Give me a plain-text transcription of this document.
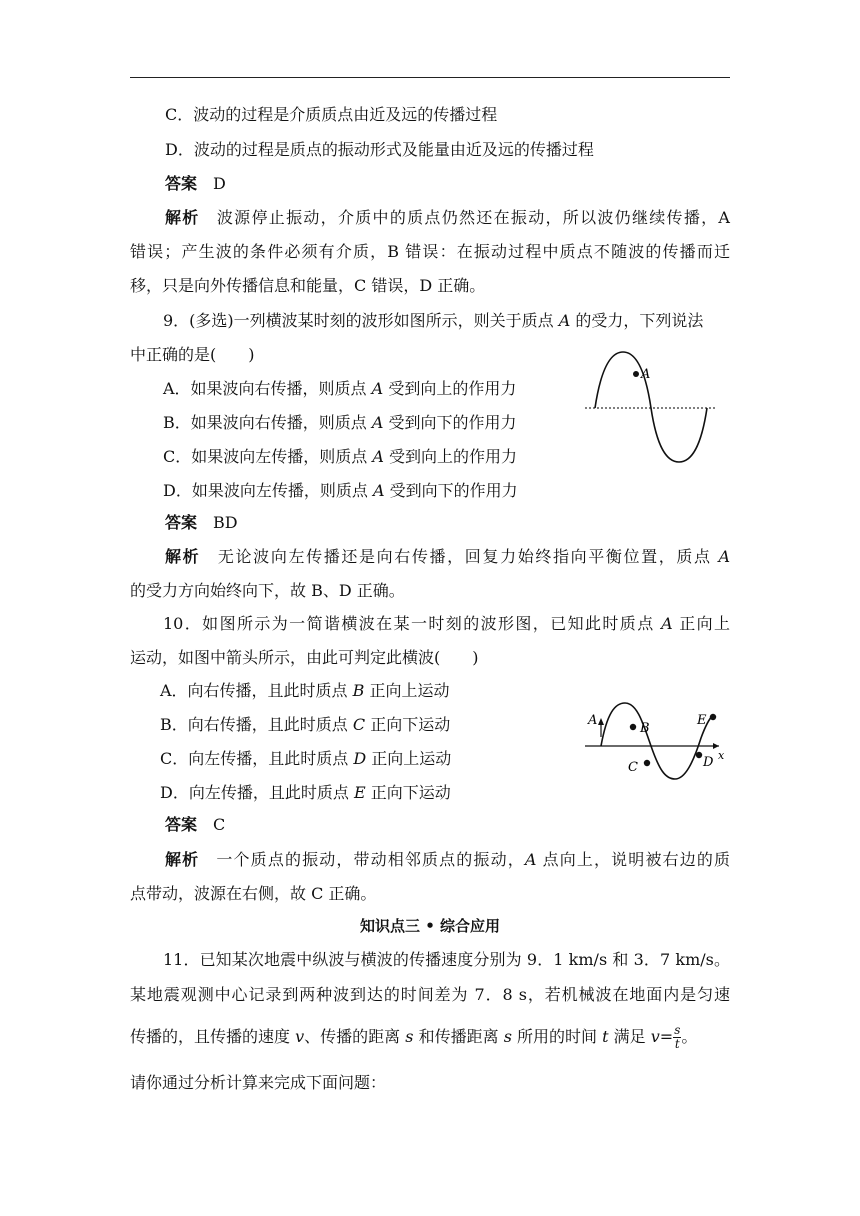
C．波动的过程是介质质点由近及远的传播过程
D．波动的过程是质点的振动形式及能量由近及远的传播过程
答案 D
解析 波源停止振动，介质中的质点仍然还在振动，所以波仍继续传播，A
错误；产生波的条件必须有介质，B 错误：在振动过程中质点不随波的传播而迁
移，只是向外传播信息和能量，C 错误，D 正确。
9．(多选)一列横波某时刻的波形如图所示，则关于质点 A 的受力，下列说法
中正确的是(　　)
A．如果波向右传播，则质点 A 受到向上的作用力
B．如果波向右传播，则质点 A 受到向下的作用力
C．如果波向左传播，则质点 A 受到向上的作用力
D．如果波向左传播，则质点 A 受到向下的作用力
A
答案 BD
解析 无论波向左传播还是向右传播，回复力始终指向平衡位置，质点 A
的受力方向始终向下，故 B、D 正确。
10．如图所示为一简谐横波在某一时刻的波形图，已知此时质点 A 正向上
运动，如图中箭头所示，由此可判定此横波(　　)
A．向右传播，且此时质点 B 正向上运动
B．向右传播，且此时质点 C 正向下运动
C．向左传播，且此时质点 D 正向上运动
D．向左传播，且此时质点 E 正向下运动
x
A
B
C	D
E
答案 C
解析 一个质点的振动，带动相邻质点的振动，A 点向上，说明被右边的质
点带动，波源在右侧，故 C 正确。
知识点三 • 综合应用
11．已知某次地震中纵波与横波的传播速度分别为 9．1 km/s 和 3．7 km/s。
某地震观测中心记录到两种波到达的时间差为 7．8 s，若机械波在地面内是匀速
传播的，且传播的速度 v、传播的距离 s 和传播距离 s 所用的时间 t 满足 $v= \frac{s}{t}$ 。
请你通过分析计算来完成下面问题：
